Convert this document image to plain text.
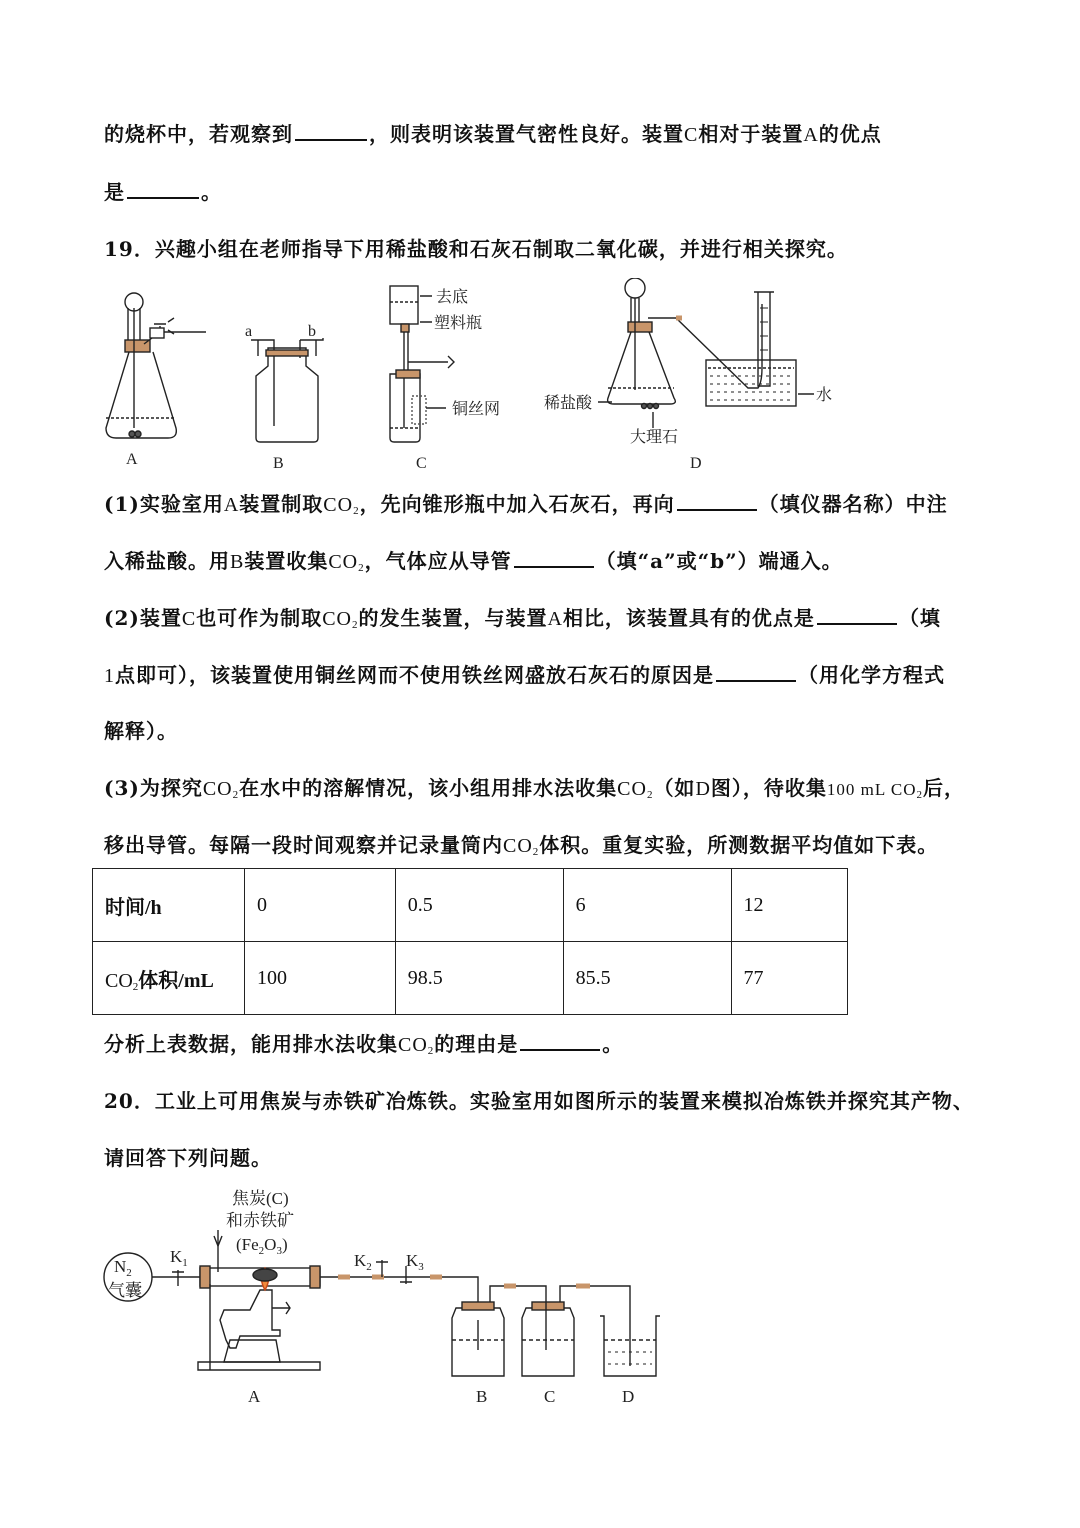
的烧杯中，若观察到	，则表明该装置气密性良好。装置C相对于装置A的优点
是	。
19．兴趣小组在老师指导下用稀盐酸和石灰石制取二氧化碳，并进行相关探究。
A	B	C	D
a	b
去底
塑料瓶
铜丝网	稀盐酸
大理石
水
(1)实验室用A装置制取$CO_2$，先向锥形瓶中加入石灰石，再向	（填仪器名称）中注
入稀盐酸。用B装置收集$CO_2$，气体应从导管	（填“a”或“b”）端通入。
(2)装置C也可作为制取$CO_2$的发生装置，与装置A相比，该装置具有的优点是	（填
1点即可），该装置使用铜丝网而不使用铁丝网盛放石灰石的原因是	（用化学方程式
解释）。
(3)为探究$CO_2$在水中的溶解情况，该小组用排水法收集$CO_2$（如D图），待收集100 mL $CO_2$后，
移出导管。每隔一段时间观察并记录量筒内$CO_2$体积。重复实验，所测数据平均值如下表。
时间/h	0	0.5	6	12
$CO_2$体积/mL	100	98.5	85.5	77
分析上表数据，能用排水法收集$CO_2$的理由是	。
20．工业上可用焦炭与赤铁矿冶炼铁。实验室用如图所示的装置来模拟冶炼铁并探究其产物、
请回答下列问题。
$N_2$
气囊
$K_1$	$K_2$ $K_3$
焦炭(C)
和赤铁矿
$(Fe_2O_3)$
A	B	C	D
